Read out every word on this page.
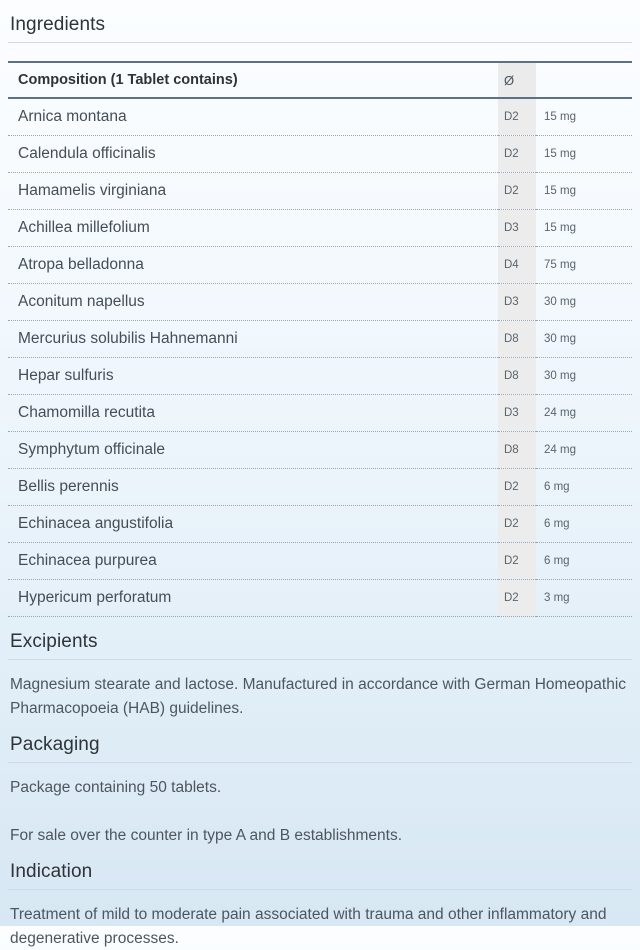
Ingredients
Composition (1 Tablet contains)	Ø	
Arnica montana	D2	15 mg
Calendula officinalis	D2	15 mg
Hamamelis virginiana	D2	15 mg
Achillea millefolium	D3	15 mg
Atropa belladonna	D4	75 mg
Aconitum napellus	D3	30 mg
Mercurius solubilis Hahnemanni	D8	30 mg
Hepar sulfuris	D8	30 mg
Chamomilla recutita	D3	24 mg
Symphytum officinale	D8	24 mg
Bellis perennis	D2	6 mg
Echinacea angustifolia	D2	6 mg
Echinacea purpurea	D2	6 mg
Hypericum perforatum	D2	3 mg
Excipients

Magnesium stearate and lactose. Manufactured in accordance with German Homeopathic Pharmacopoeia (HAB) guidelines.

Packaging

Package containing 50 tablets.

For sale over the counter in type A and B establishments.

Indication

Treatment of mild to moderate pain associated with trauma and other inflammatory and degenerative processes.
